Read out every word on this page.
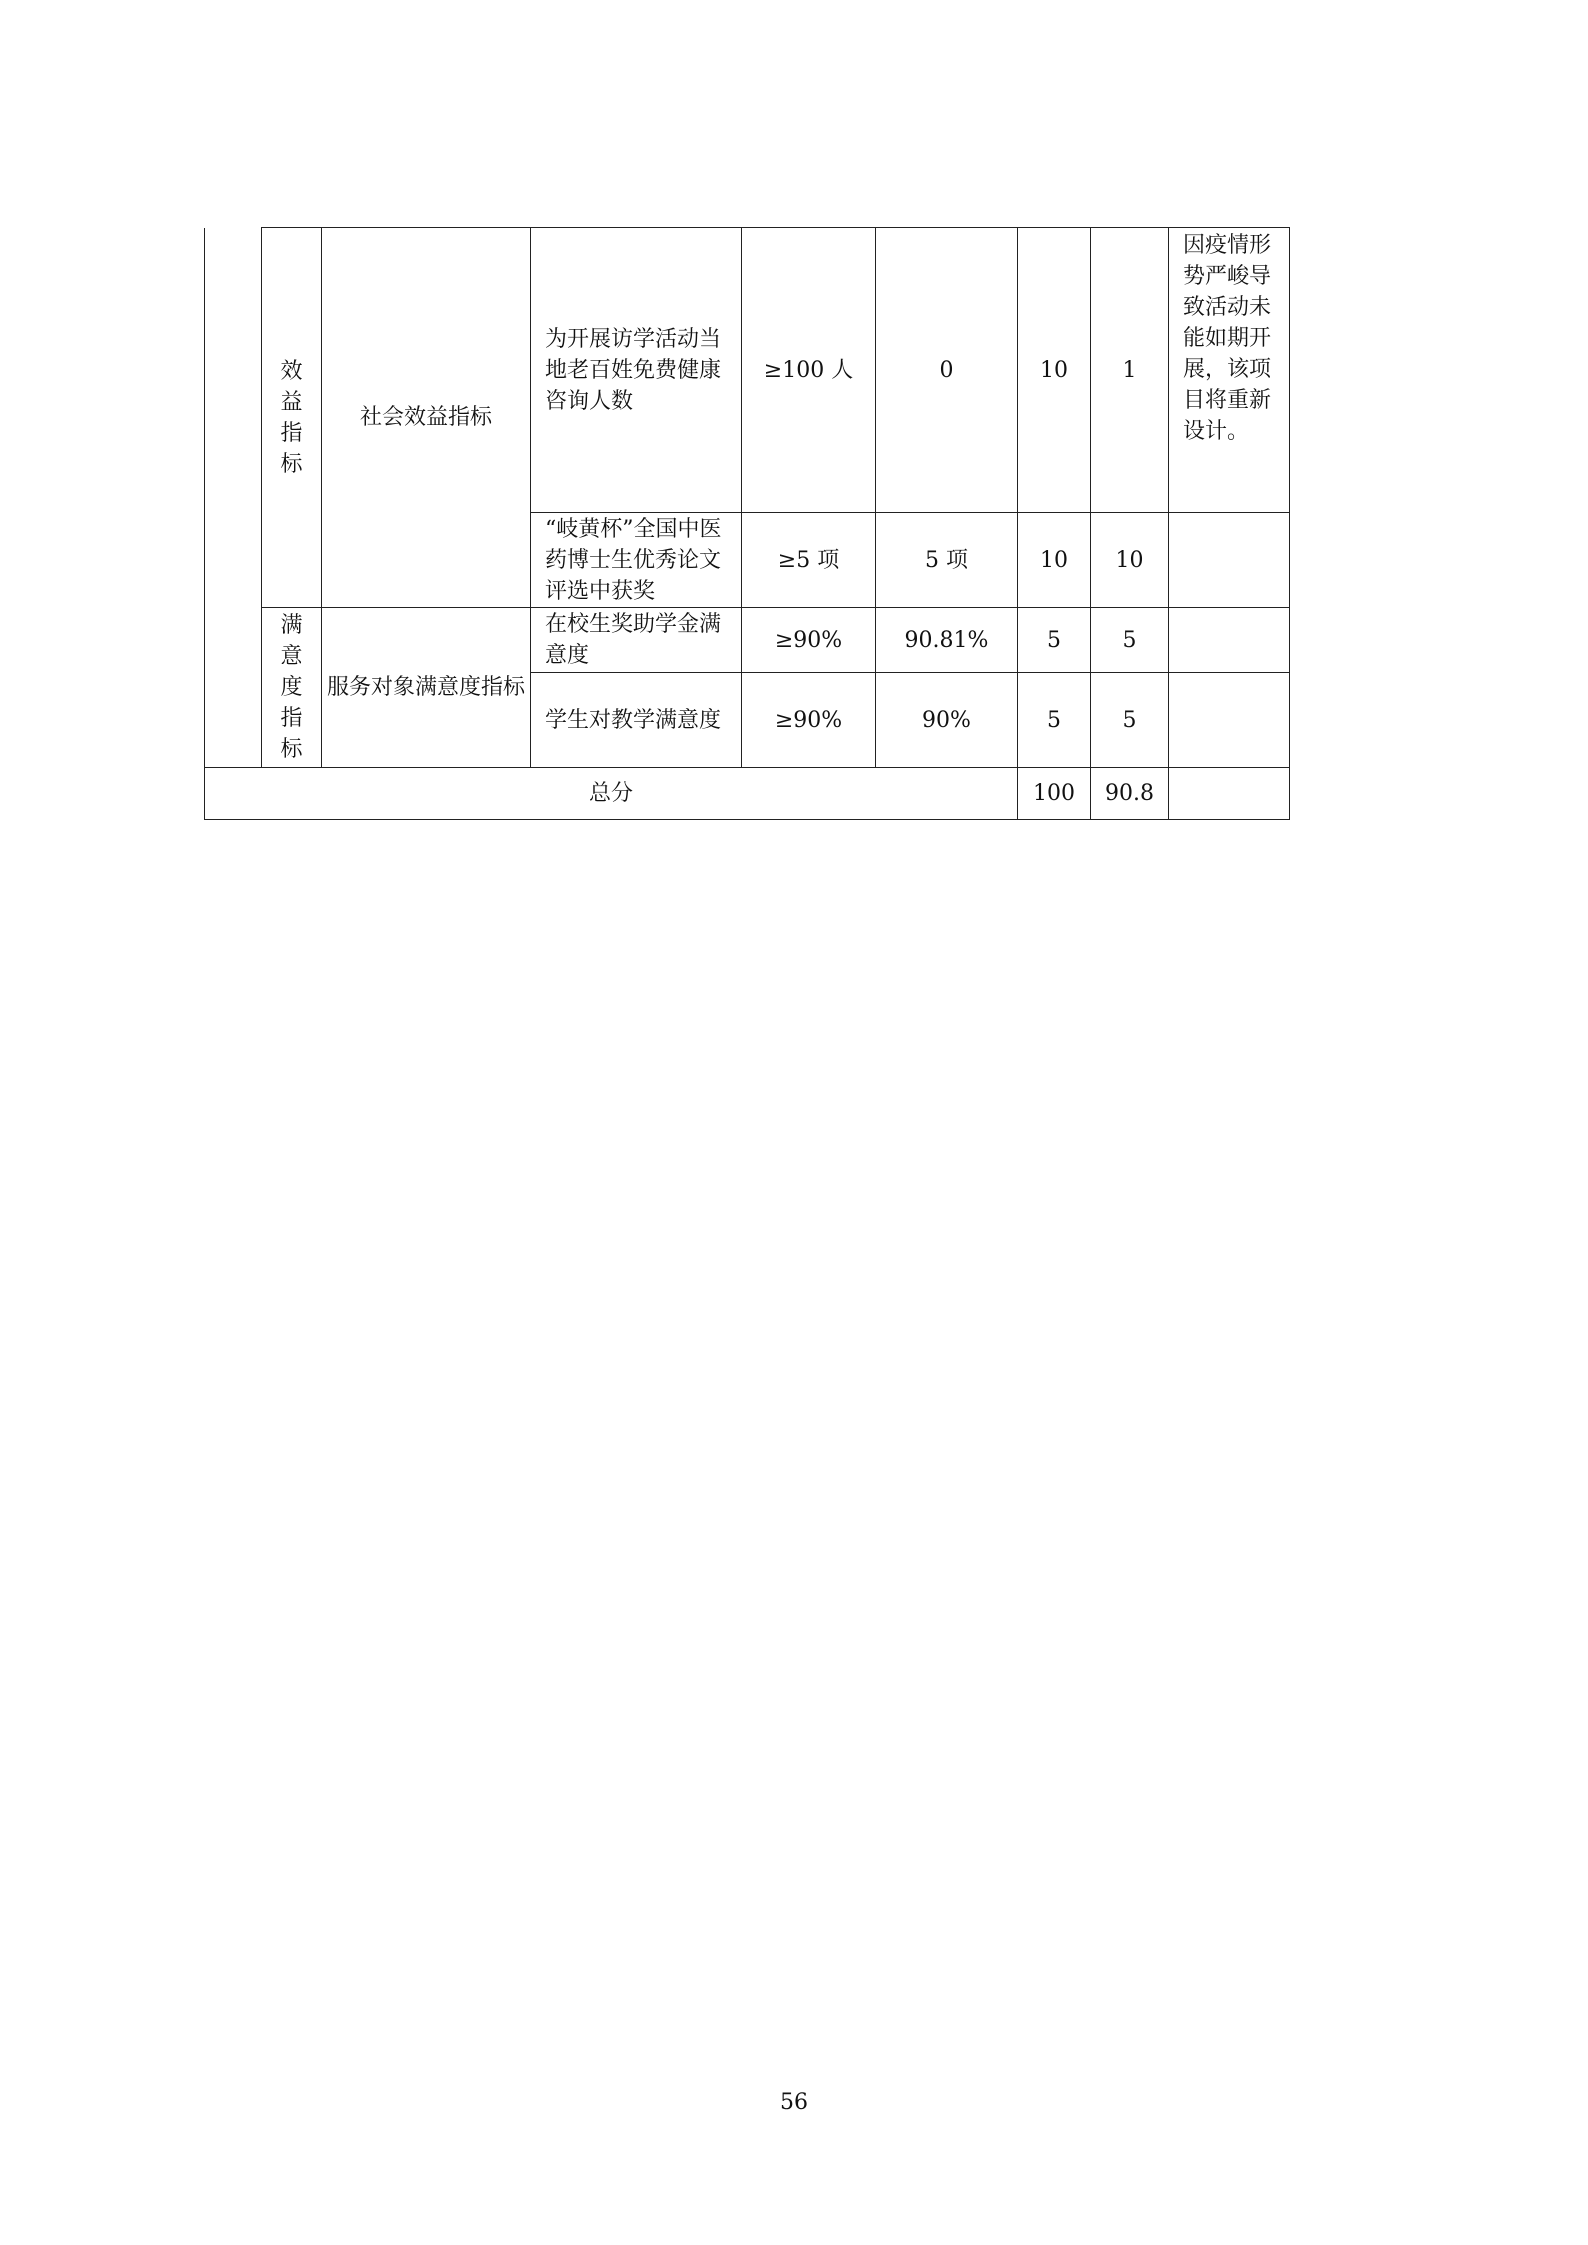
	效益指标	社会效益指标	为开展访学活动当地老百姓免费健康咨询人数	≥100 人	0	10	1	因疫情形势严峻导致活动未能如期开展，该项目将重新设计。
			“岐黄杯”全国中医药博士生优秀论文评选中获奖	≥5 项	5 项	10	10	
	满意度指标	服务对象满意度指标	在校生奖助学金满意度	≥90%	90.81%	5	5	
			学生对教学满意度	≥90%	90%	5	5	
总分						100	90.8	
56
